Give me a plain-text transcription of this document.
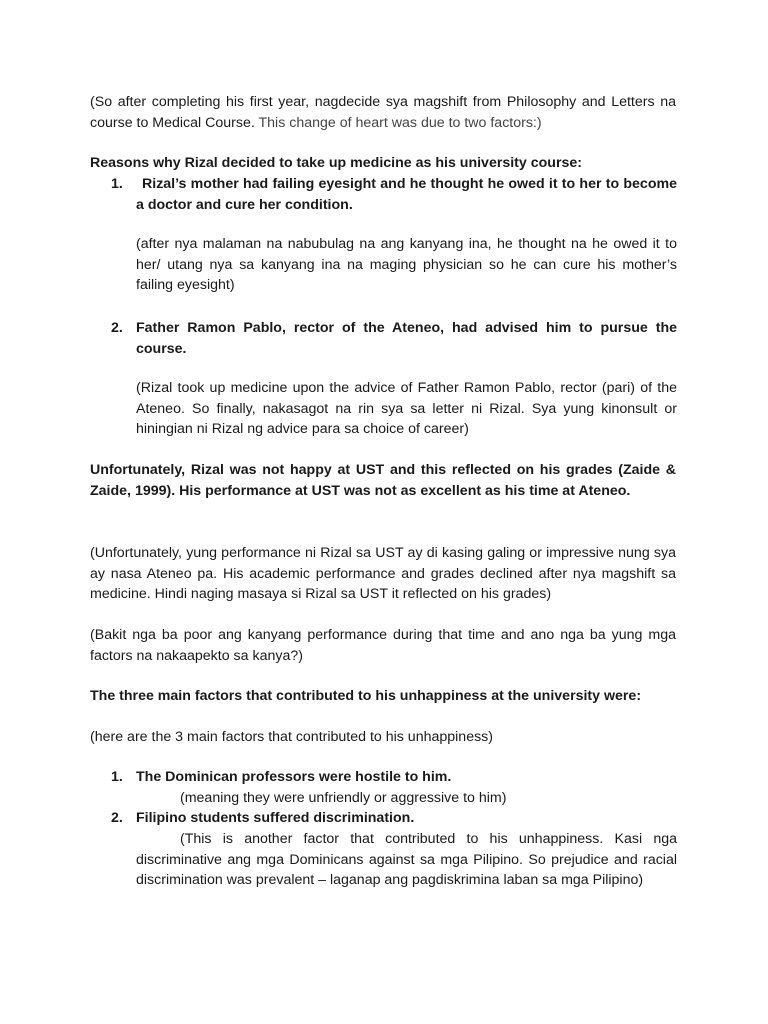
(So after completing his first year, nagdecide sya magshift from Philosophy and Letters na course to Medical Course. This change of heart was due to two factors:)

Reasons why Rizal decided to take up medicine as his university course:

1.	Rizal’s mother had failing eyesight and he thought he owed it to her to become a doctor and cure her condition.

(after nya malaman na nabubulag na ang kanyang ina, he thought na he owed it to her/ utang nya sa kanyang ina na maging physician so he can cure his mother’s failing eyesight)

2. Father Ramon Pablo, rector of the Ateneo, had advised him to pursue the course.

(Rizal took up medicine upon the advice of Father Ramon Pablo, rector (pari) of the Ateneo. So finally, nakasagot na rin sya sa letter ni Rizal. Sya yung kinonsult or hiningian ni Rizal ng advice para sa choice of career)

Unfortunately, Rizal was not happy at UST and this reflected on his grades (Zaide & Zaide, 1999). His performance at UST was not as excellent as his time at Ateneo.

(Unfortunately, yung performance ni Rizal sa UST ay di kasing galing or impressive nung sya ay nasa Ateneo pa. His academic performance and grades declined after nya magshift sa medicine. Hindi naging masaya si Rizal sa UST it reflected on his grades)

(Bakit nga ba poor ang kanyang performance during that time and ano nga ba yung mga factors na nakaapekto sa kanya?)

The three main factors that contributed to his unhappiness at the university were:

(here are the 3 main factors that contributed to his unhappiness)

1. The Dominican professors were hostile to him.

(meaning they were unfriendly or aggressive to him)

2. Filipino students suffered discrimination.

(This is another factor that contributed to his unhappiness. Kasi nga discriminative ang mga Dominicans against sa mga Pilipino. So prejudice and racial discrimination was prevalent – laganap ang pagdiskrimina laban sa mga Pilipino)
